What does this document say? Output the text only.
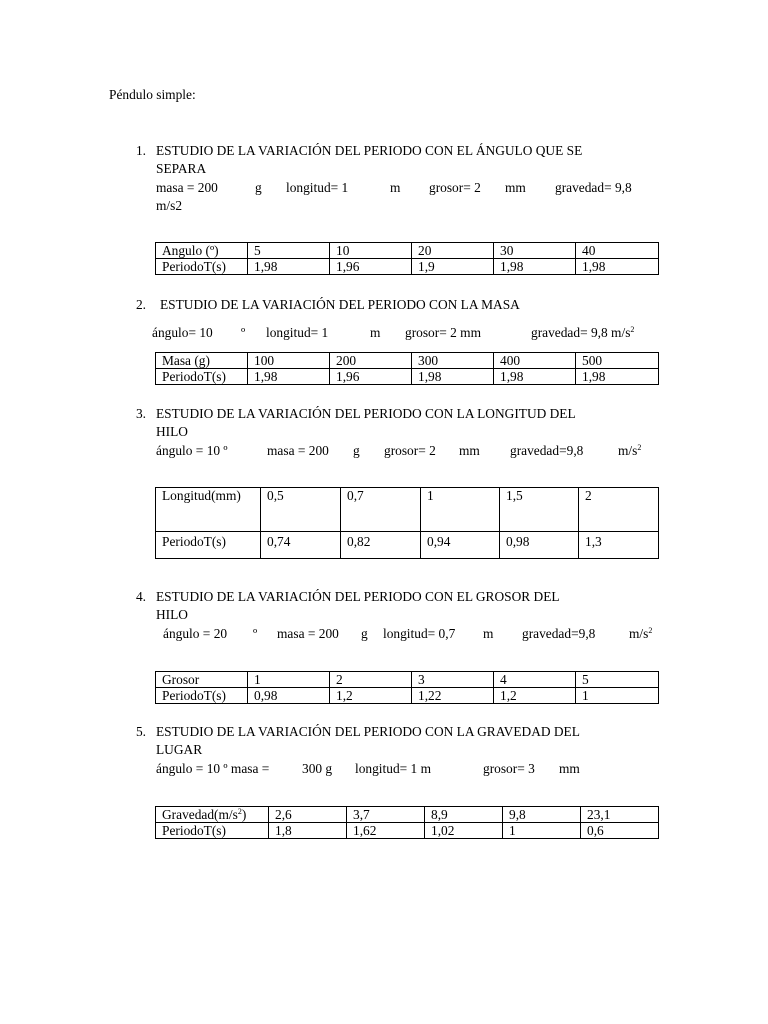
Péndulo simple:
1. ESTUDIO DE LA VARIACIÓN DEL PERIODO CON EL ÁNGULO QUE SE
SEPARA
masa = 200	g longitud= 1	m grosor= 2 mm gravedad= 9,8
m/s2
Angulo (º)	5	10	20	30	40
PeriodoT(s)	1,98	1,96	1,9	1,98	1,98
2. ESTUDIO DE LA VARIACIÓN DEL PERIODO CON LA MASA
ángulo= 10 º longitud= 1	m grosor= 2 mm	gravedad= 9,8 $m/s^2$
Masa (g)	100	200	300	400	500
PeriodoT(s)	1,98	1,96	1,98	1,98	1,98
3. ESTUDIO DE LA VARIACIÓN DEL PERIODO CON LA LONGITUD DEL
HILO
ángulo = 10 º	masa = 200 g grosor= 2 mm gravedad=9,8	$m/s^2$
Longitud(mm)	0,5	0,7	1	1,5	2
PeriodoT(s)	0,74	0,82	0,94	0,98	1,3
4. ESTUDIO DE LA VARIACIÓN DEL PERIODO CON EL GROSOR DEL
HILO
ángulo = 20 º masa = 200 g longitud= 0,7 m gravedad=9,8	$m/s^2$
Grosor	1	2	3	4	5
PeriodoT(s)	0,98	1,2	1,22	1,2	1
5. ESTUDIO DE LA VARIACIÓN DEL PERIODO CON LA GRAVEDAD DEL
LUGAR
ángulo = 10 º masa = 300 g longitud= 1 m	grosor= 3 mm
$Gravedad(m/s^2)$	2,6	3,7	8,9	9,8	23,1
PeriodoT(s)	1,8	1,62	1,02	1	0,6
